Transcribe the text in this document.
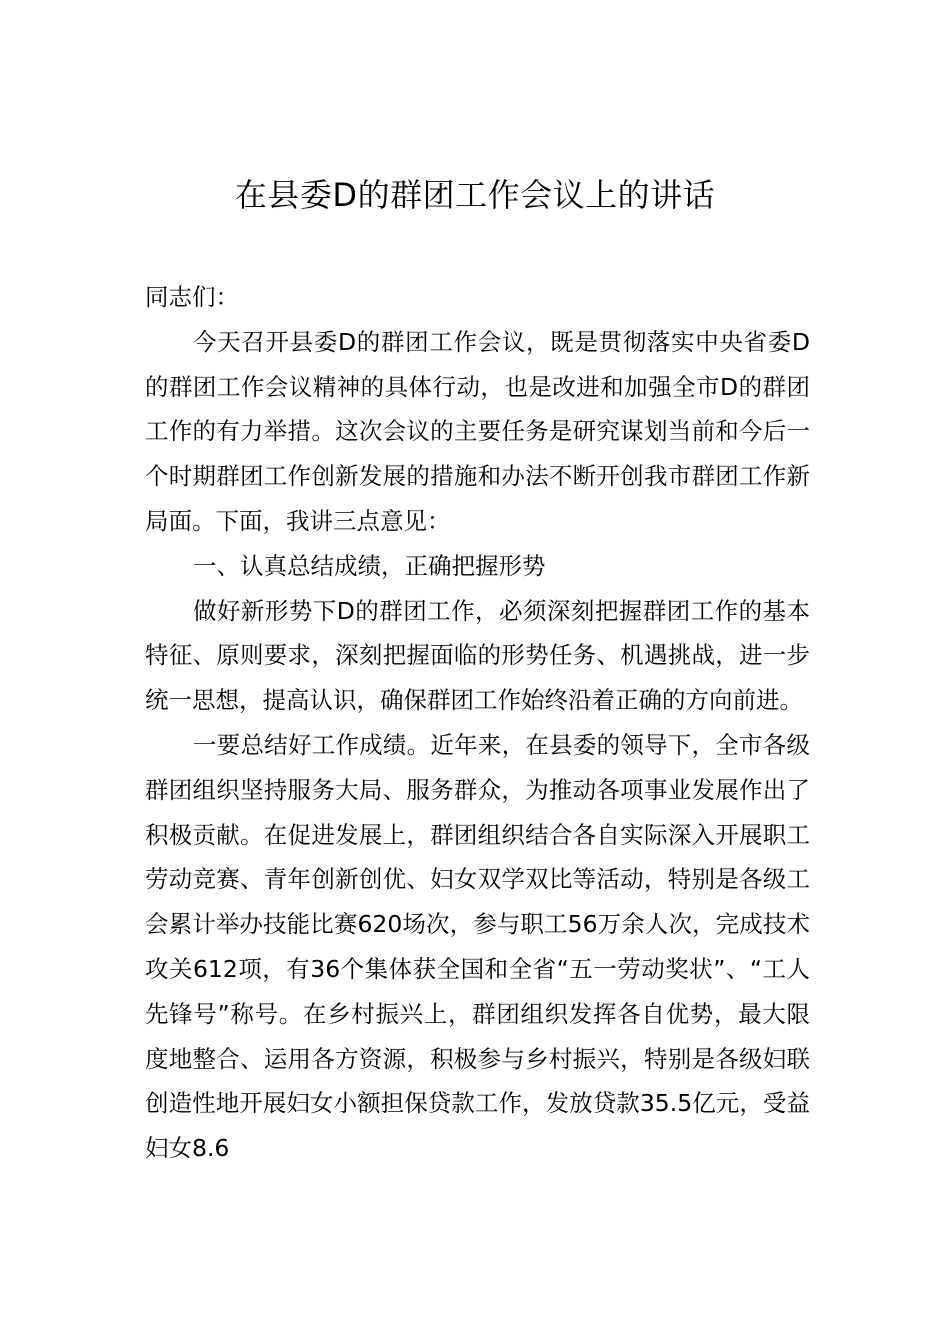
在县委D的群团工作会议上的讲话

同志们：

今天召开县委D的群团工作会议，既是贯彻落实中央省委D的群团工作会议精神的具体行动，也是改进和加强全市D的群团工作的有力举措。这次会议的主要任务是研究谋划当前和今后一个时期群团工作创新发展的措施和办法不断开创我市群团工作新局面。下面，我讲三点意见：

一、认真总结成绩，正确把握形势

做好新形势下D的群团工作，必须深刻把握群团工作的基本特征、原则要求，深刻把握面临的形势任务、机遇挑战，进一步统一思想，提高认识，确保群团工作始终沿着正确的方向前进。

一要总结好工作成绩。近年来，在县委的领导下，全市各级群团组织坚持服务大局、服务群众，为推动各项事业发展作出了积极贡献。在促进发展上，群团组织结合各自实际深入开展职工劳动竞赛、青年创新创优、妇女双学双比等活动，特别是各级工会累计举办技能比赛620场次，参与职工56万余人次，完成技术攻关612项，有36个集体获全国和全省“五一劳动奖状”、“工人先锋号”称号。在乡村振兴上，群团组织发挥各自优势，最大限度地整合、运用各方资源，积极参与乡村振兴，特别是各级妇联创造性地开展妇女小额担保贷款工作，发放贷款35.5亿元，受益妇女8.6
